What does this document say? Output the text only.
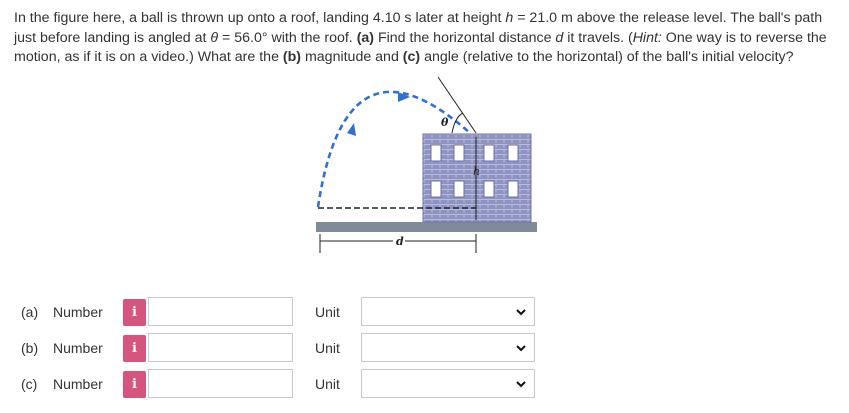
In the figure here, a ball is thrown up onto a roof, landing 4.10 s later at height h = 21.0 m above the release level. The ball's path just before landing is angled at θ = 56.0° with the roof. (a) Find the horizontal distance d it travels. (Hint: One way is to reverse the motion, as if it is on a video.) What are the (b) magnitude and (c) angle (relative to the horizontal) of the ball's initial velocity?
h
θ
d
(a) Number	i	Unit
(b) Number	i	Unit
(c) Number	i	Unit
